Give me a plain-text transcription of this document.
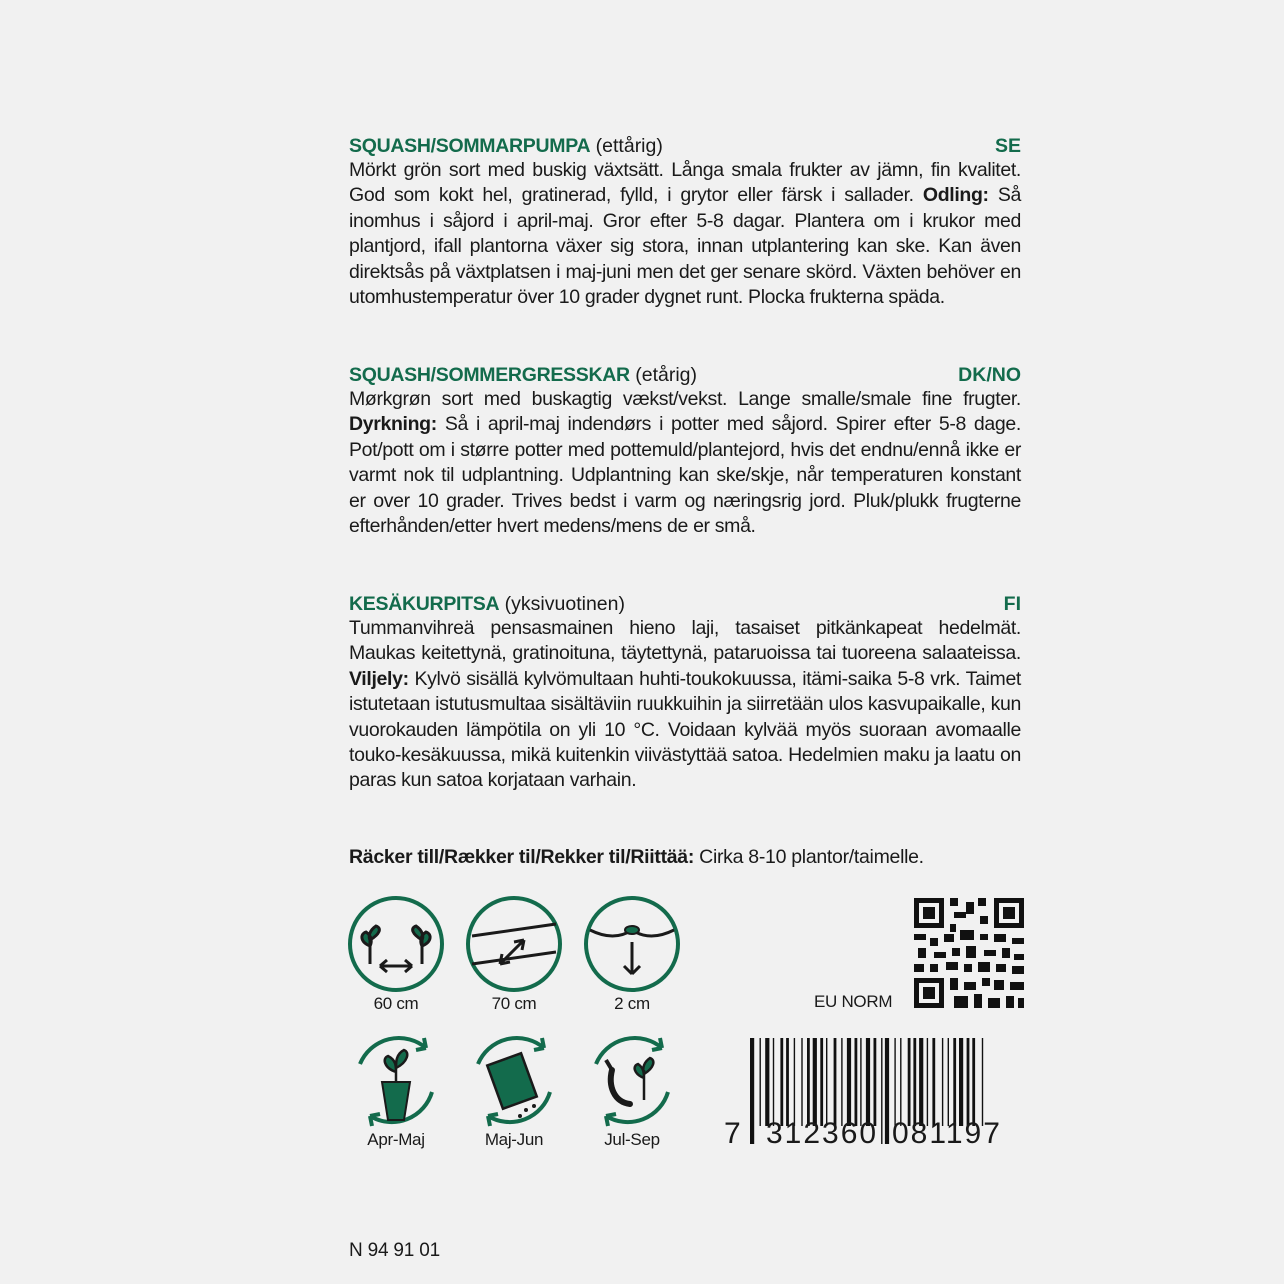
SQUASH/SOMMARPUMPA (ettårig)	SE
Mörkt grön sort med buskig växtsätt. Långa smala frukter av jämn, fin kvalitet. God som kokt hel, gratinerad, fylld, i grytor eller färsk i sallader. Odling: Så inomhus i såjord i april-maj. Gror efter 5-8 dagar. Plantera om i krukor med plantjord, ifall plantorna växer sig stora, innan utplantering kan ske. Kan även direktsås på växtplatsen i maj-juni men det ger senare skörd. Växten behöver en utomhustemperatur över 10 grader dygnet runt. Plocka frukterna späda.
SQUASH/SOMMERGRESSKAR (etårig)	DK/NO
Mørkgrøn sort med buskagtig vækst/vekst. Lange smalle/smale fine frugter. Dyrkning: Så i april-maj indendørs i potter med såjord. Spirer efter 5-8 dage. Pot/pott om i større potter med pottemuld/plantejord, hvis det endnu/ennå ikke er varmt nok til udplantning. Udplantning kan ske/skje, når temperaturen konstant er over 10 grader. Trives bedst i varm og næringsrig jord. Pluk/plukk frugterne efterhånden/etter hvert medens/mens de er små.
KESÄKURPITSA (yksivuotinen)	FI
Tummanvihreä pensasmainen hieno laji, tasaiset pitkänkapeat hedelmät. Maukas keitettynä, gratinoituna, täytettynä, pataruoissa tai tuoreena salaateissa. Viljely: Kylvö sisällä kylvömultaan huhti-toukokuussa, itämi-saika 5-8 vrk. Taimet istutetaan istutusmultaa sisältäviin ruukkuihin ja siirretään ulos kasvupaikalle, kun vuorokauden lämpötila on yli 10 °C. Voidaan kylvää myös suoraan avomaalle touko-kesäkuussa, mikä kuitenkin viivästyttää satoa. Hedelmien maku ja laatu on paras kun satoa korjataan varhain.
Räcker till/Rækker til/Rekker til/Riittää: Cirka 8-10 plantor/taimelle.
60 cm	70 cm	2 cm
Apr-Maj	Maj-Jun	Jul-Sep
EU NORM
7 312360 081197
N 94 91 01
